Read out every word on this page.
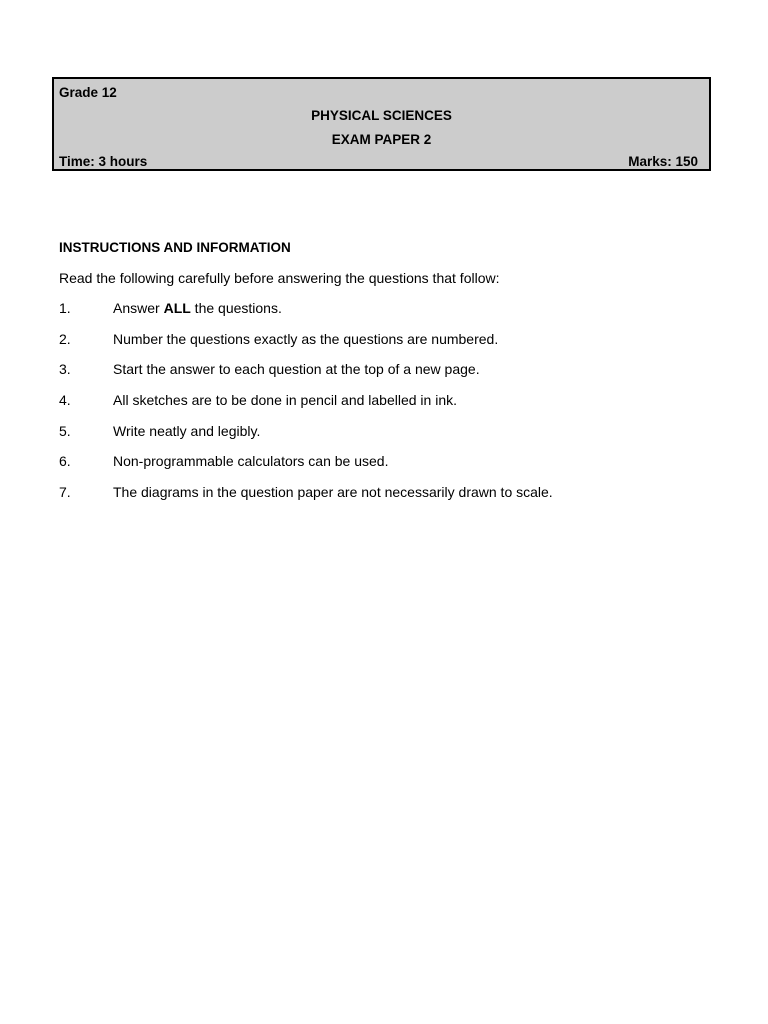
Grade 12
PHYSICAL SCIENCES
EXAM PAPER 2
Time: 3 hours	Marks: 150
INSTRUCTIONS AND INFORMATION
Read the following carefully before answering the questions that follow:
1.	Answer ALL the questions.
2.	Number the questions exactly as the questions are numbered.
3.	Start the answer to each question at the top of a new page.
4.	All sketches are to be done in pencil and labelled in ink.
5.	Write neatly and legibly.
6.	Non-programmable calculators can be used.
7.	The diagrams in the question paper are not necessarily drawn to scale.
